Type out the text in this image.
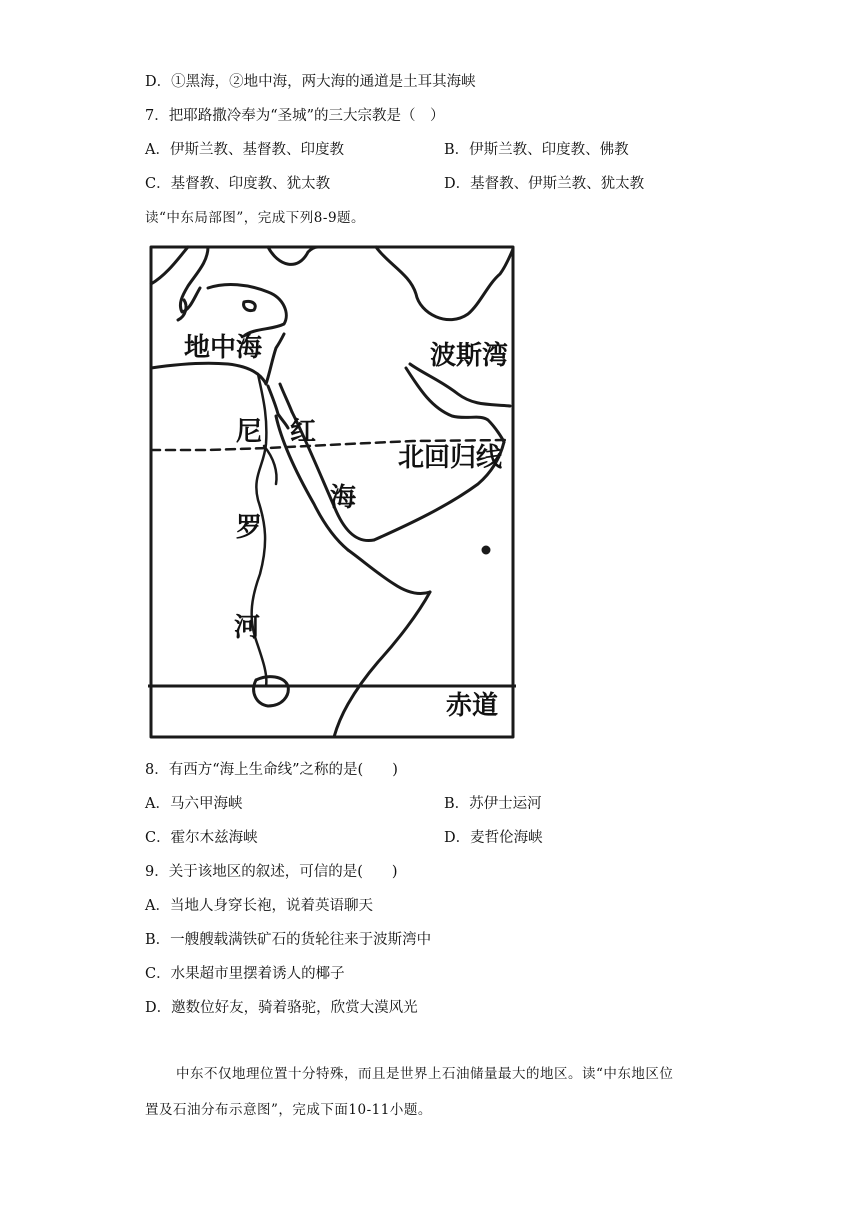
D．①黑海，②地中海，两大海的通道是土耳其海峡
7．把耶路撒冷奉为“圣城”的三大宗教是（　）
A．伊斯兰教、基督教、印度教	B．伊斯兰教、印度教、佛教
C．基督教、印度教、犹太教	D．基督教、伊斯兰教、犹太教
读“中东局部图”，完成下列8-9题。
地中海	波斯湾
尼 红
北回归线
海
罗
河
赤道
8．有西方“海上生命线”之称的是(　　)
A．马六甲海峡	B．苏伊士运河
C．霍尔木兹海峡	D．麦哲伦海峡
9．关于该地区的叙述，可信的是(　　)
A．当地人身穿长袍，说着英语聊天
B．一艘艘载满铁矿石的货轮往来于波斯湾中
C．水果超市里摆着诱人的椰子
D．邀数位好友，骑着骆驼，欣赏大漠风光
中东不仅地理位置十分特殊，而且是世界上石油储量最大的地区。读“中东地区位
置及石油分布示意图”，完成下面10-11小题。
